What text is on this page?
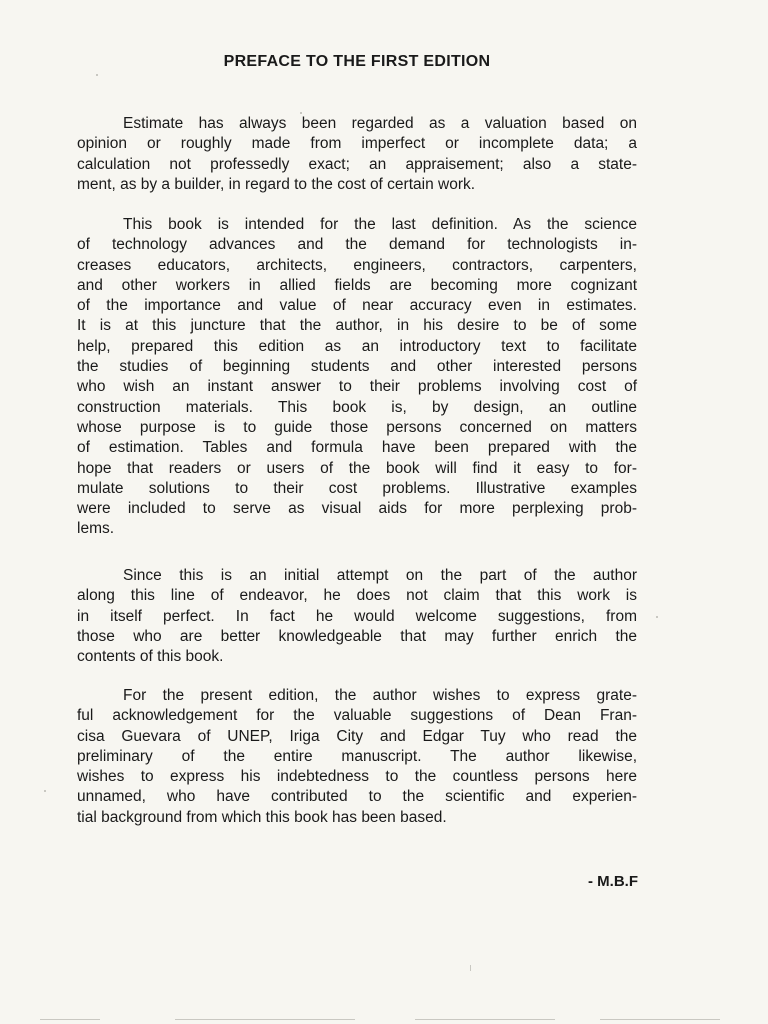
PREFACE TO THE FIRST EDITION

Estimate has always been regarded as a valuation based on
opinion or roughly made from imperfect or incomplete data; a
calculation not professedly exact; an appraisement; also a state-
ment, as by a builder, in regard to the cost of certain work.

This book is intended for the last definition. As the science
of technology advances and the demand for technologists in-
creases educators, architects, engineers, contractors, carpenters,
and other workers in allied fields are becoming more cognizant
of the importance and value of near accuracy even in estimates.
It is at this juncture that the author, in his desire to be of some
help, prepared this edition as an introductory text to facilitate
the studies of beginning students and other interested persons
who wish an instant answer to their problems involving cost of
construction materials. This book is, by design, an outline
whose purpose is to guide those persons concerned on matters
of estimation. Tables and formula have been prepared with the
hope that readers or users of the book will find it easy to for-
mulate solutions to their cost problems. Illustrative examples
were included to serve as visual aids for more perplexing prob-
lems.

Since this is an initial attempt on the part of the author
along this line of endeavor, he does not claim that this work is
in itself perfect. In fact he would welcome suggestions, from
those who are better knowledgeable that may further enrich the
contents of this book.

For the present edition, the author wishes to express grate-
ful acknowledgement for the valuable suggestions of Dean Fran-
cisa Guevara of UNEP, Iriga City and Edgar Tuy who read the
preliminary of the entire manuscript. The author likewise,
wishes to express his indebtedness to the countless persons here
unnamed, who have contributed to the scientific and experien-
tial background from which this book has been based.

- M.B.F
